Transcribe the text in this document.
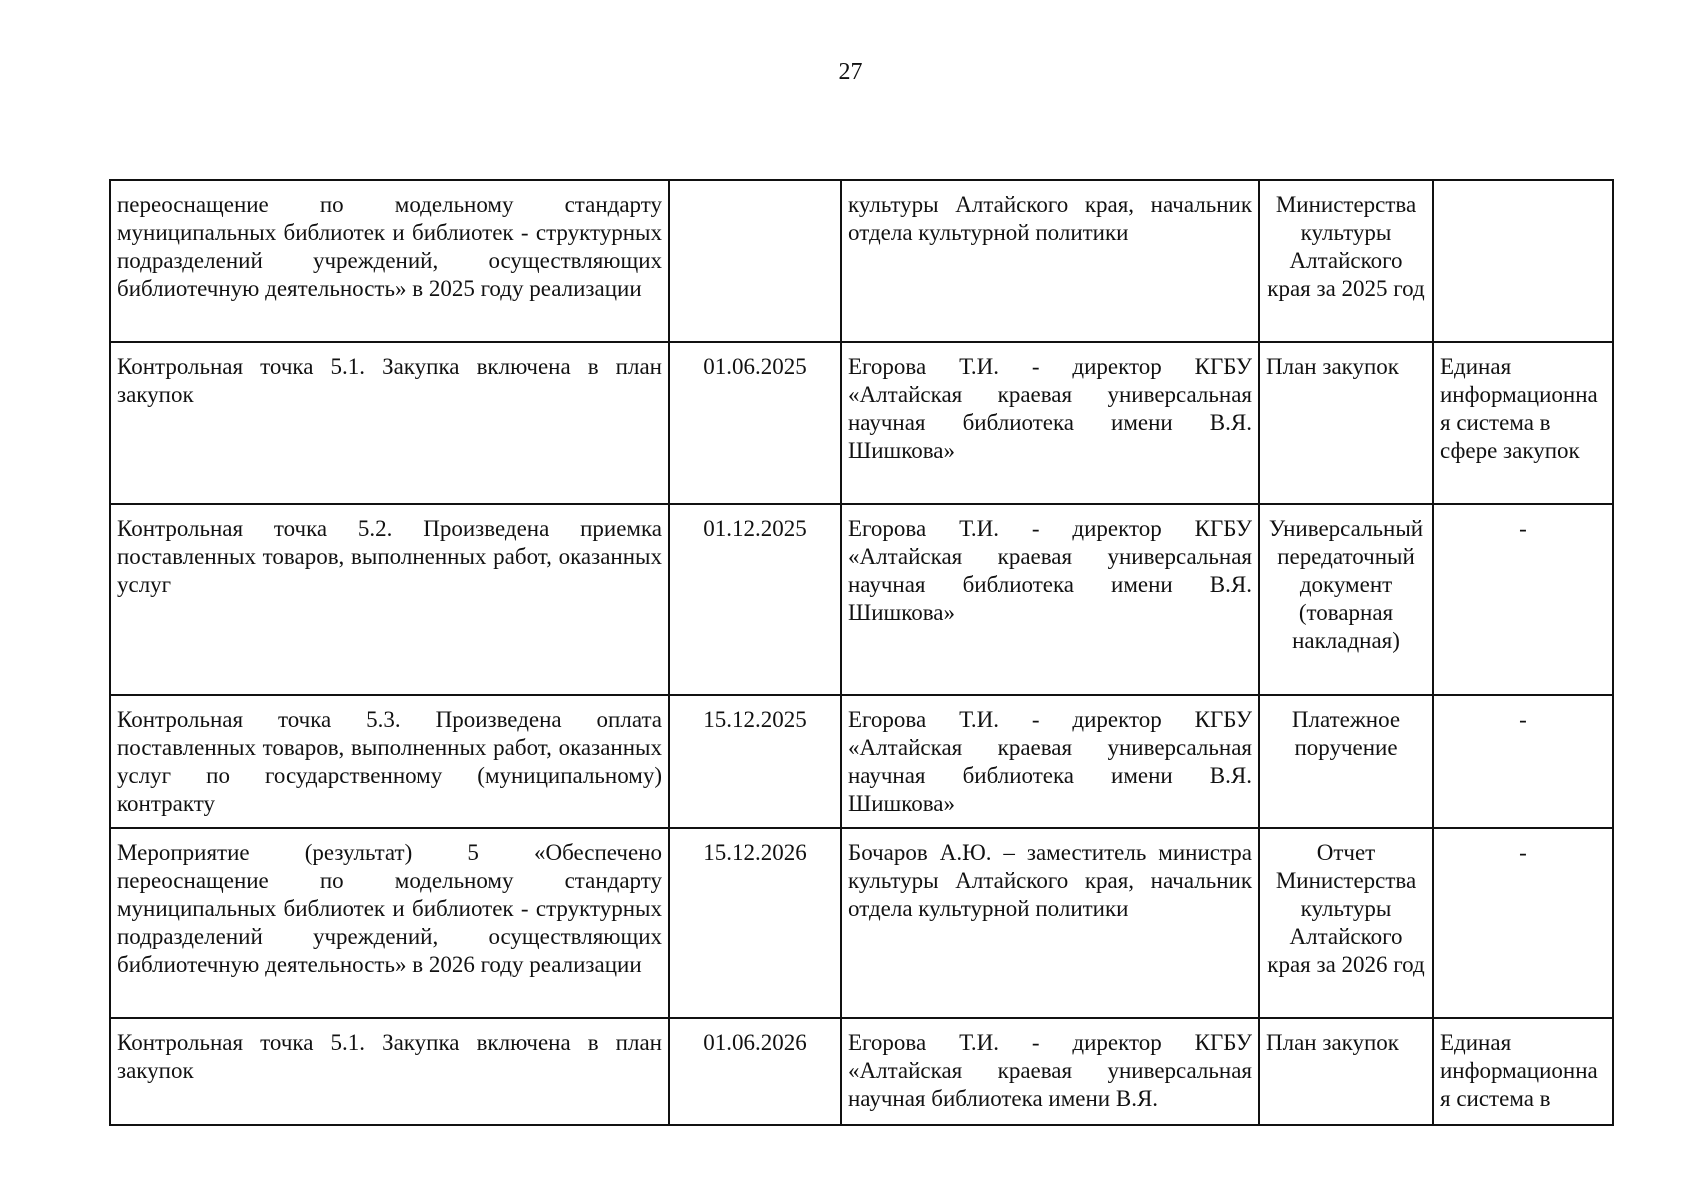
27
переоснащение по модельному стандарту муниципальных библиотек и библиотек - структурных подразделений учреждений, осуществляющих библиотечную деятельность» в 2025 году реализации		культуры Алтайского края, начальник отдела культурной политики	Министерства культуры Алтайского края за 2025 год	
Контрольная точка 5.1. Закупка включена в план закупок	01.06.2025	Егорова Т.И. - директор КГБУ «Алтайская краевая универсальная научная библиотека имени В.Я. Шишкова»	План закупок	Единая информационная система в сфере закупок
Контрольная точка 5.2. Произведена приемка поставленных товаров, выполненных работ, оказанных услуг	01.12.2025	Егорова Т.И. - директор КГБУ «Алтайская краевая универсальная научная библиотека имени В.Я. Шишкова»	Универсальный передаточный документ (товарная накладная)	-
Контрольная точка 5.3. Произведена оплата поставленных товаров, выполненных работ, оказанных услуг по государственному (муниципальному) контракту	15.12.2025	Егорова Т.И. - директор КГБУ «Алтайская краевая универсальная научная библиотека имени В.Я. Шишкова»	Платежное поручение	-
Мероприятие (результат) 5 «Обеспечено переоснащение по модельному стандарту муниципальных библиотек и библиотек - структурных подразделений учреждений, осуществляющих библиотечную деятельность» в 2026 году реализации	15.12.2026	Бочаров А.Ю. – заместитель министра культуры Алтайского края, начальник отдела культурной политики	Отчет Министерства культуры Алтайского края за 2026 год	-
Контрольная точка 5.1. Закупка включена в план закупок	01.06.2026	Егорова Т.И. - директор КГБУ «Алтайская краевая универсальная научная библиотека имени В.Я.	План закупок	Единая информационная система в
